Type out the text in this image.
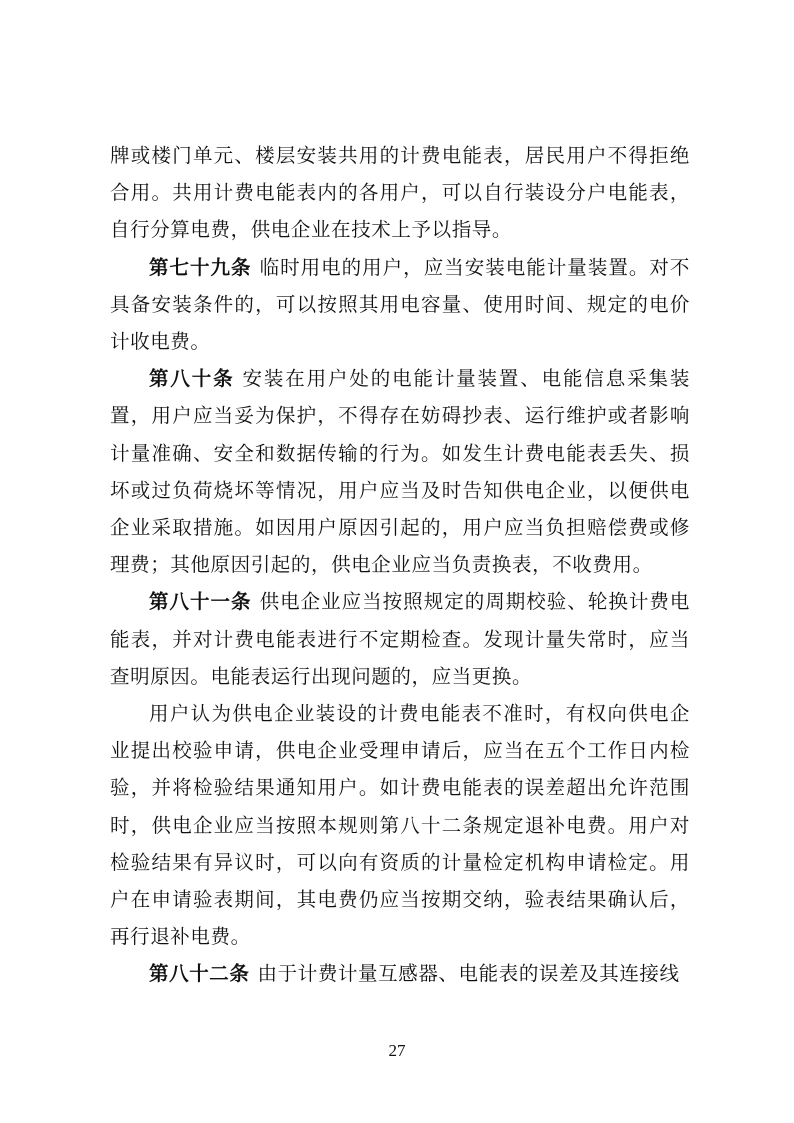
牌或楼门单元、楼层安装共用的计费电能表，居民用户不得拒绝合用。共用计费电能表内的各用户，可以自行装设分户电能表，自行分算电费，供电企业在技术上予以指导。

第七十九条 临时用电的用户，应当安装电能计量装置。对不具备安装条件的，可以按照其用电容量、使用时间、规定的电价计收电费。

第八十条 安装在用户处的电能计量装置、电能信息采集装置，用户应当妥为保护，不得存在妨碍抄表、运行维护或者影响计量准确、安全和数据传输的行为。如发生计费电能表丢失、损坏或过负荷烧坏等情况，用户应当及时告知供电企业，以便供电企业采取措施。如因用户原因引起的，用户应当负担赔偿费或修理费；其他原因引起的，供电企业应当负责换表，不收费用。

第八十一条 供电企业应当按照规定的周期校验、轮换计费电能表，并对计费电能表进行不定期检查。发现计量失常时，应当查明原因。电能表运行出现问题的，应当更换。

用户认为供电企业装设的计费电能表不准时，有权向供电企业提出校验申请，供电企业受理申请后，应当在五个工作日内检验，并将检验结果通知用户。如计费电能表的误差超出允许范围时，供电企业应当按照本规则第八十二条规定退补电费。用户对检验结果有异议时，可以向有资质的计量检定机构申请检定。用户在申请验表期间，其电费仍应当按期交纳，验表结果确认后，再行退补电费。

第八十二条 由于计费计量互感器、电能表的误差及其连接线

27
